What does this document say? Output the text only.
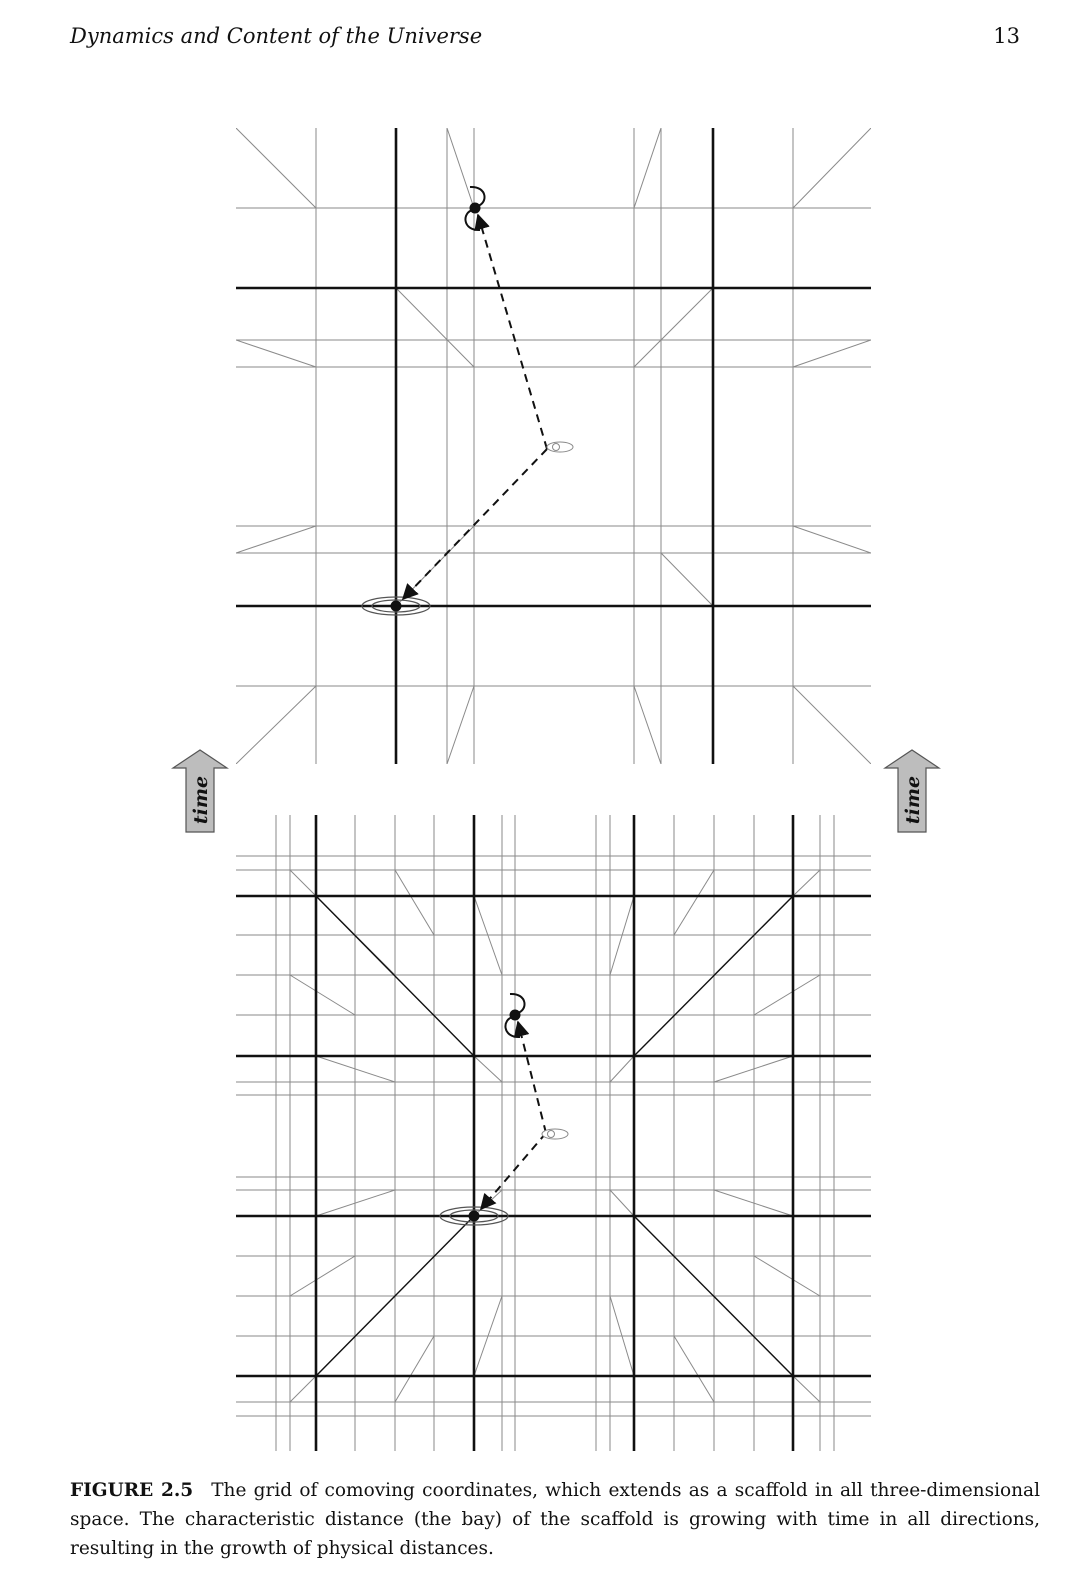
Dynamics and Content of the Universe	13
time	time
FIGURE 2.5 The grid of comoving coordinates, which extends as a scaffold in all three-dimensional space. The characteristic distance (the bay) of the scaffold is growing with time in all directions, resulting in the growth of physical distances.
